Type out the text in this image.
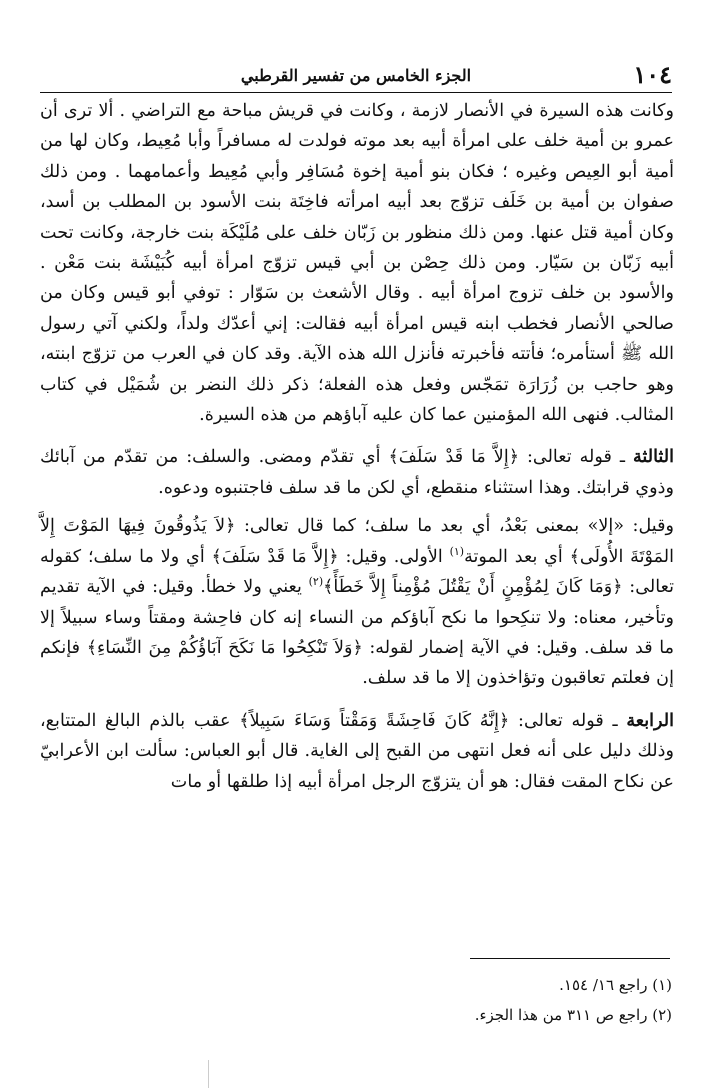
١٠٤
الجزء الخامس من تفسير القرطبي

وكانت هذه السيرة في الأنصار لازمة ، وكانت في قريش مباحة مع التراضي . ألا ترى أن عمرو بن أمية خلف على امرأة أبيه بعد موته فولدت له مسافراً وأبا مُعِيط، وكان لها من أمية أبو العِيص وغيره ؛ فكان بنو أمية إخوة مُسَافِر وأبي مُعِيط وأعمامهما . ومن ذلك صفوان بن أمية بن خَلَف تزوّج بعد أبيه امرأته فاخِتَة بنت الأسود بن المطلب بن أسد، وكان أمية قتل عنها. ومن ذلك منظور بن زَبّان خلف على مُلَيْكَة بنت خارجة، وكانت تحت أبيه زَبّان بن سَيّار. ومن ذلك حِصْن بن أبي قيس تزوّج امرأة أبيه كُبَيْشَة بنت مَعْن . والأسود بن خلف تزوج امرأة أبيه . وقال الأشعث بن سَوّار : توفي أبو قيس وكان من صالحي الأنصار فخطب ابنه قيس امرأة أبيه فقالت: إني أعدّك ولداً، ولكني آتي رسول الله ﷺ أستأمره؛ فأتته فأخبرته فأنزل الله هذه الآية. وقد كان في العرب من تزوّج ابنته، وهو حاجب بن زُرَارَة تمَجّس وفعل هذه الفعلة؛ ذكر ذلك النضر بن شُمَيْل في كتاب المثالب. فنهى الله المؤمنين عما كان عليه آباؤهم من هذه السيرة.

الثالثة ـ قوله تعالى: ﴿إِلاَّ مَا قَدْ سَلَفَ﴾ أي تقدّم ومضى. والسلف: من تقدّم من آبائك وذوي قرابتك. وهذا استثناء منقطع، أي لكن ما قد سلف فاجتنبوه ودعوه.

وقيل: «إلا» بمعنى بَعْدُ، أي بعد ما سلف؛ كما قال تعالى: ﴿لاَ يَذُوقُونَ فِيهَا المَوْتَ إِلاَّ المَوْتَةَ الأُولَى﴾ أي بعد الموتة$^{(١)}$ الأولى. وقيل: ﴿إِلاَّ مَا قَدْ سَلَفَ﴾ أي ولا ما سلف؛ كقوله تعالى: ﴿وَمَا كَانَ لِمُؤْمِنٍ أَنْ يَقْتُلَ مُؤْمِناً إِلاَّ خَطَأً﴾$^{(٢)}$ يعني ولا خطأ. وقيل: في الآية تقديم وتأخير، معناه: ولا تنكِحوا ما نكح آباؤكم من النساء إنه كان فاحِشة ومقتاً وساء سبيلاً إلا ما قد سلف. وقيل: في الآية إضمار لقوله: ﴿وَلاَ تَنْكِحُوا مَا نَكَحَ آبَاؤُكُمْ مِنَ النِّسَاءِ﴾ فإنكم إن فعلتم تعاقبون وتؤاخذون إلا ما قد سلف.

الرابعة ـ قوله تعالى: ﴿إِنَّهُ كَانَ فَاحِشَةً وَمَقْتاً وَسَاءَ سَبِيلاً﴾ عقب بالذم البالغ المتتابع، وذلك دليل على أنه فعل انتهى من القبح إلى الغاية. قال أبو العباس: سألت ابن الأعرابيّ عن نكاح المقت فقال: هو أن يتزوّج الرجل امرأة أبيه إذا طلقها أو مات

(١) راجع ١٦/ ١٥٤.

(٢) راجع ص ٣١١ من هذا الجزء.
